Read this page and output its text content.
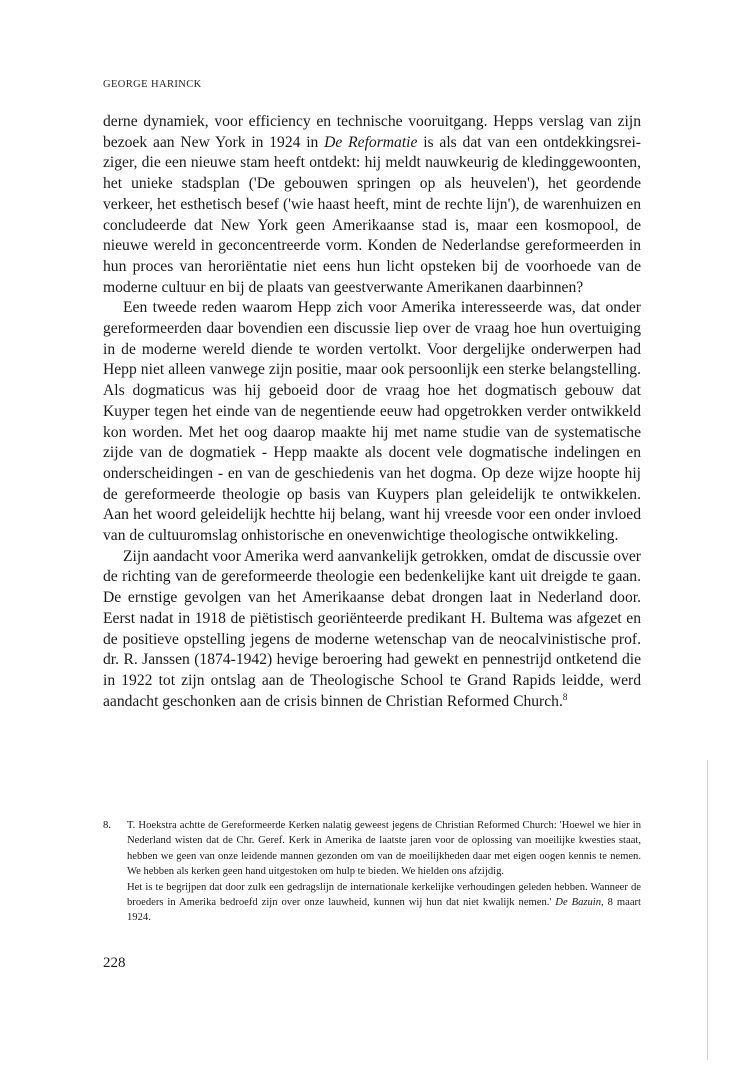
GEORGE HARINCK

derne dynamiek, voor efficiency en technische vooruitgang. Hepps verslag van zijn bezoek aan New York in 1924 in De Reformatie is als dat van een ontdekkingsreiziger, die een nieuwe stam heeft ontdekt: hij meldt nauwkeurig de kledinggewoonten, het unieke stadsplan ('De gebouwen springen op als heuvelen'), het geordende verkeer, het esthetisch besef ('wie haast heeft, mint de rechte lijn'), de warenhuizen en concludeerde dat New York geen Amerikaanse stad is, maar een kosmopool, de nieuwe wereld in geconcentreerde vorm. Konden de Nederlandse gereformeerden in hun proces van heroriëntatie niet eens hun licht opsteken bij de voorhoede van de moderne cultuur en bij de plaats van geestverwante Amerikanen daarbinnen?

Een tweede reden waarom Hepp zich voor Amerika interesseerde was, dat onder gereformeerden daar bovendien een discussie liep over de vraag hoe hun overtuiging in de moderne wereld diende te worden vertolkt. Voor dergelijke onderwerpen had Hepp niet alleen vanwege zijn positie, maar ook persoonlijk een sterke belangstelling. Als dogmaticus was hij geboeid door de vraag hoe het dogmatisch gebouw dat Kuyper tegen het einde van de negentiende eeuw had opgetrokken verder ontwikkeld kon worden. Met het oog daarop maakte hij met name studie van de systematische zijde van de dogmatiek - Hepp maakte als docent vele dogmatische indelingen en onderscheidingen - en van de geschiedenis van het dogma. Op deze wijze hoopte hij de gereformeerde theologie op basis van Kuypers plan geleidelijk te ontwikkelen. Aan het woord geleidelijk hechtte hij belang, want hij vreesde voor een onder invloed van de cultuuromslag onhistorische en onevenwichtige theologische ontwikkeling.

Zijn aandacht voor Amerika werd aanvankelijk getrokken, omdat de discussie over de richting van de gereformeerde theologie een bedenkelijke kant uit dreigde te gaan. De ernstige gevolgen van het Amerikaanse debat drongen laat in Nederland door. Eerst nadat in 1918 de piëtistisch georiënteerde predikant H. Bultema was afgezet en de positieve opstelling jegens de moderne wetenschap van de neocalvinistische prof. dr. R. Janssen (1874-1942) hevige beroering had gewekt en pennestrijd ontketend die in 1922 tot zijn ontslag aan de Theologische School te Grand Rapids leidde, werd aandacht geschonken aan de crisis binnen de Christian Reformed Church.$^8$

8.	T. Hoekstra achtte de Gereformeerde Kerken nalatig geweest jegens de Christian Reformed Church: 'Hoewel we hier in Nederland wisten dat de Chr. Geref. Kerk in Amerika de laatste jaren voor de oplossing van moeilijke kwesties staat, hebben we geen van onze leidende mannen gezonden om van de moeilijkheden daar met eigen oogen kennis te nemen. We hebben als kerken geen hand uitgestoken om hulp te bieden. We hielden ons afzijdig.

Het is te begrijpen dat door zulk een gedragslijn de internationale kerkelijke verhoudingen geleden hebben. Wanneer de broeders in Amerika bedroefd zijn over onze lauwheid, kunnen wij hun dat niet kwalijk nemen.' De Bazuin, 8 maart 1924.

228
